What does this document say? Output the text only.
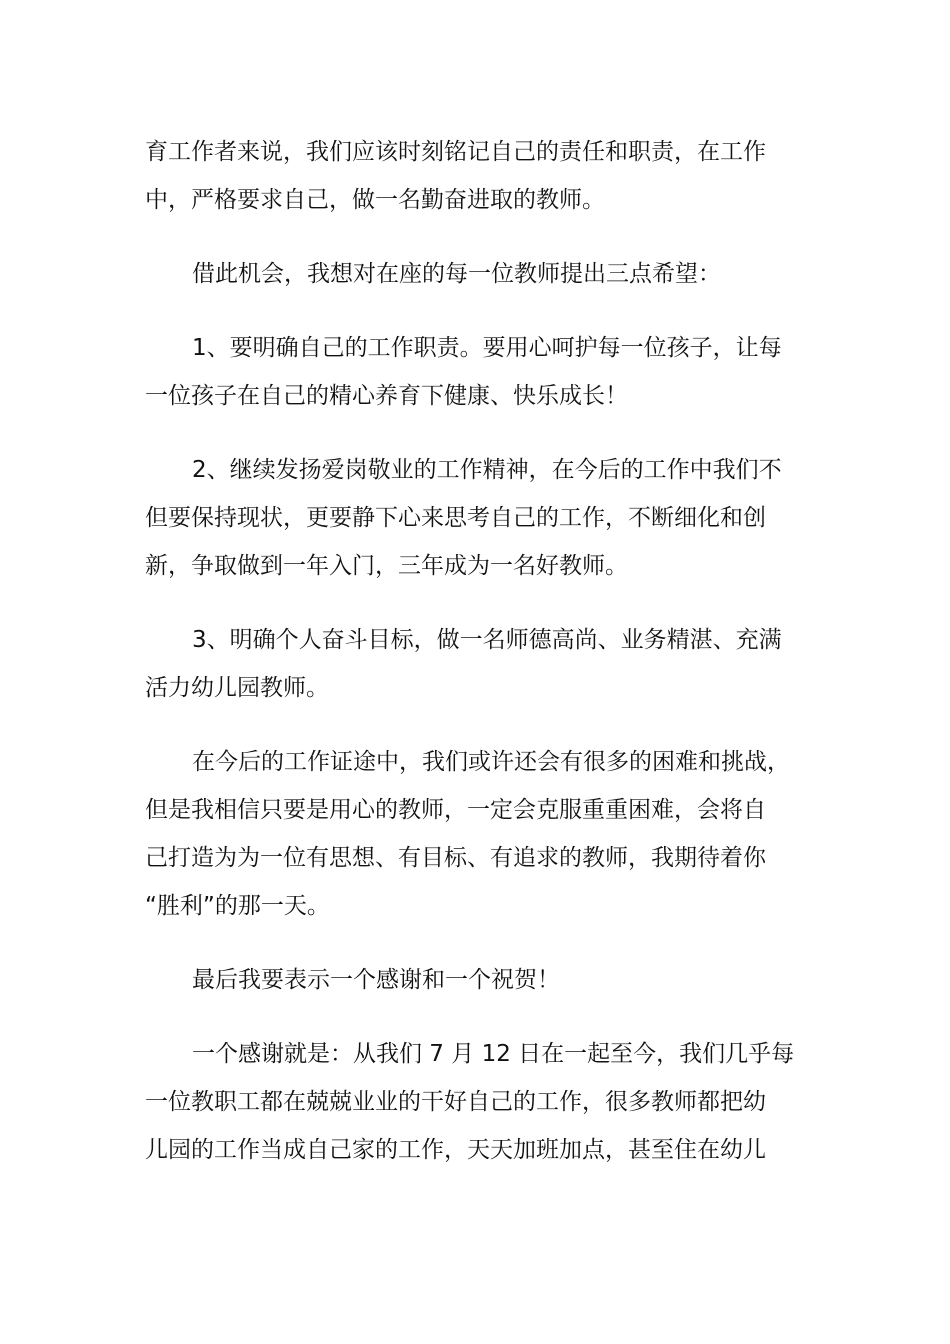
育工作者来说，我们应该时刻铭记自己的责任和职责，在工作
中，严格要求自己，做一名勤奋进取的教师。

借此机会，我想对在座的每一位教师提出三点希望：

1、要明确自己的工作职责。要用心呵护每一位孩子，让每
一位孩子在自己的精心养育下健康、快乐成长！

2、继续发扬爱岗敬业的工作精神，在今后的工作中我们不
但要保持现状，更要静下心来思考自己的工作，不断细化和创
新，争取做到一年入门，三年成为一名好教师。

3、明确个人奋斗目标，做一名师德高尚、业务精湛、充满
活力幼儿园教师。

在今后的工作证途中，我们或许还会有很多的困难和挑战，
但是我相信只要是用心的教师，一定会克服重重困难，会将自
己打造为为一位有思想、有目标、有追求的教师，我期待着你
“胜利”的那一天。

最后我要表示一个感谢和一个祝贺！

一个感谢就是：从我们 7 月 12 日在一起至今，我们几乎每
一位教职工都在兢兢业业的干好自己的工作，很多教师都把幼
儿园的工作当成自己家的工作，天天加班加点，甚至住在幼儿
